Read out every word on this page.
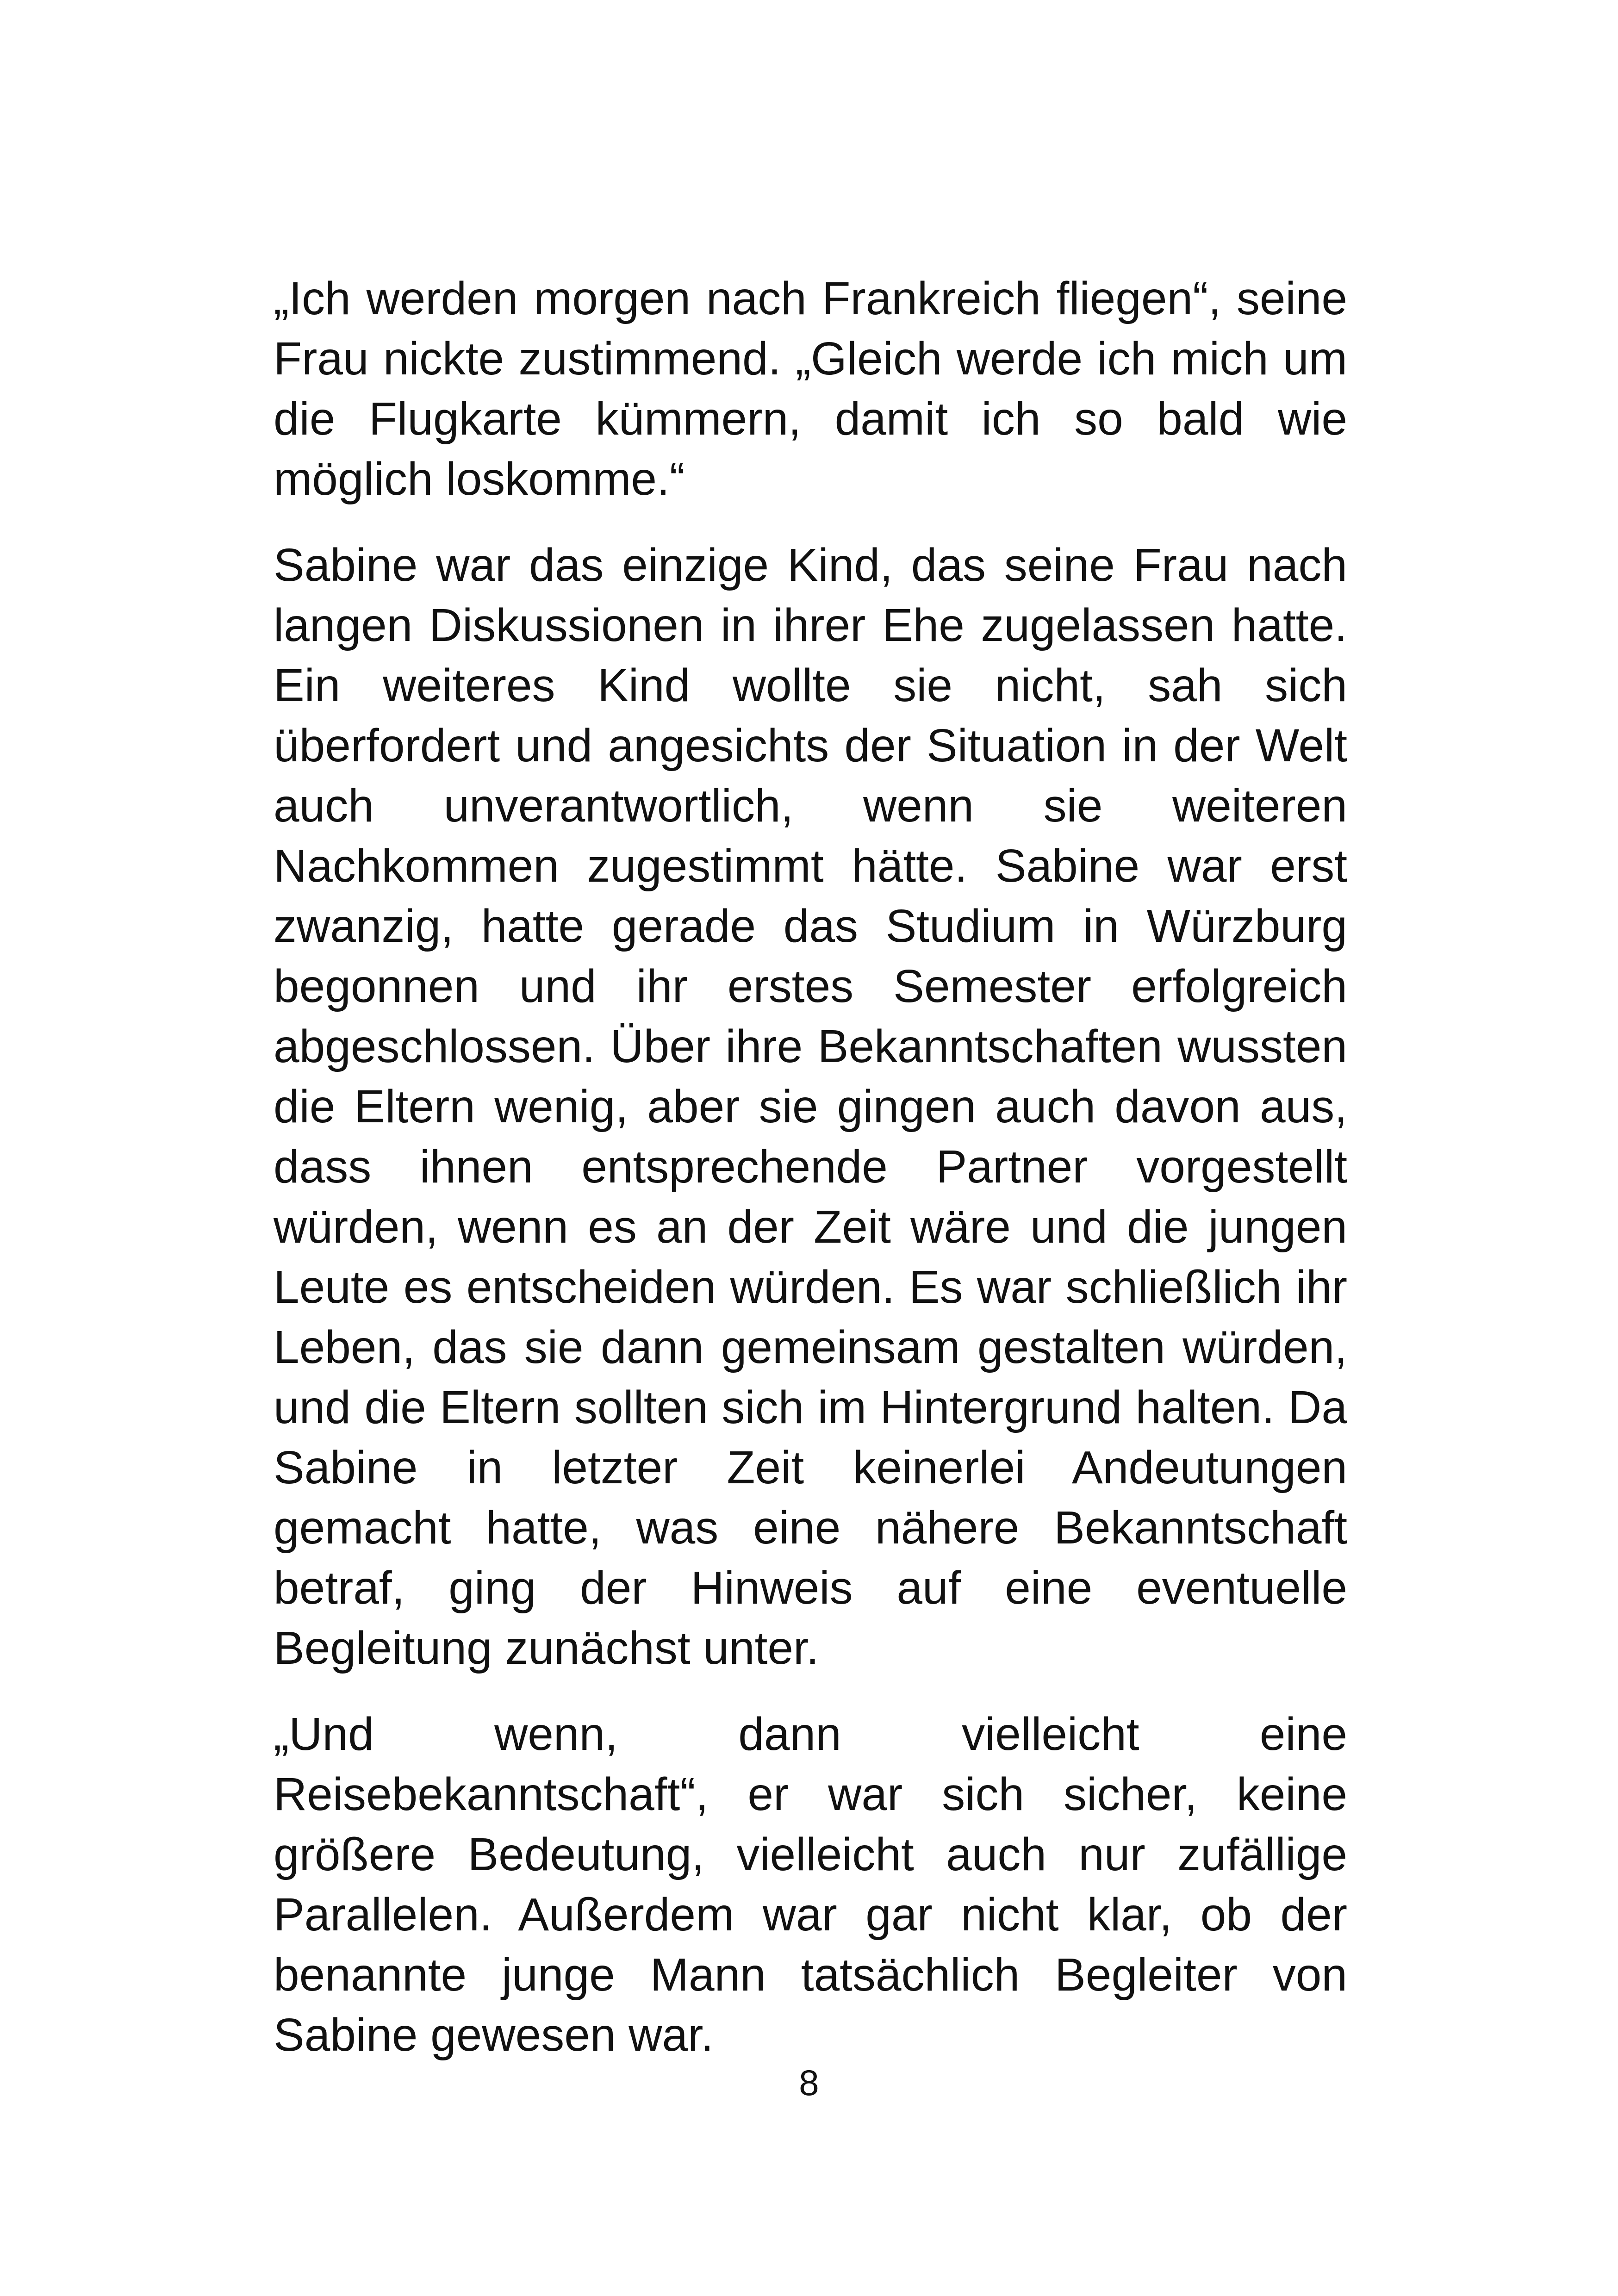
„Ich werden morgen nach Frankreich fliegen“, seine Frau nickte zustimmend. „Gleich werde ich mich um die Flugkarte kümmern, damit ich so bald wie möglich loskomme.“

Sabine war das einzige Kind, das seine Frau nach langen Diskussionen in ihrer Ehe zugelassen hatte. Ein weiteres Kind wollte sie nicht, sah sich überfordert und angesichts der Situation in der Welt auch unverantwortlich, wenn sie weiteren Nachkommen zugestimmt hätte. Sabine war erst zwanzig, hatte gerade das Studium in Würzburg begonnen und ihr erstes Semester erfolgreich abgeschlossen. Über ihre Bekanntschaften wussten die Eltern wenig, aber sie gingen auch davon aus, dass ihnen entsprechende Partner vorgestellt würden, wenn es an der Zeit wäre und die jungen Leute es entscheiden würden. Es war schließlich ihr Leben, das sie dann gemeinsam gestalten würden, und die Eltern sollten sich im Hintergrund halten. Da Sabine in letzter Zeit keinerlei Andeutungen gemacht hatte, was eine nähere Bekanntschaft betraf, ging der Hinweis auf eine eventuelle Begleitung zunächst unter.

„Und wenn, dann vielleicht eine Reisebekanntschaft“, er war sich sicher, keine größere Bedeutung, vielleicht auch nur zufällige Parallelen. Außerdem war gar nicht klar, ob der benannte junge Mann tatsächlich Begleiter von Sabine gewesen war.

8
